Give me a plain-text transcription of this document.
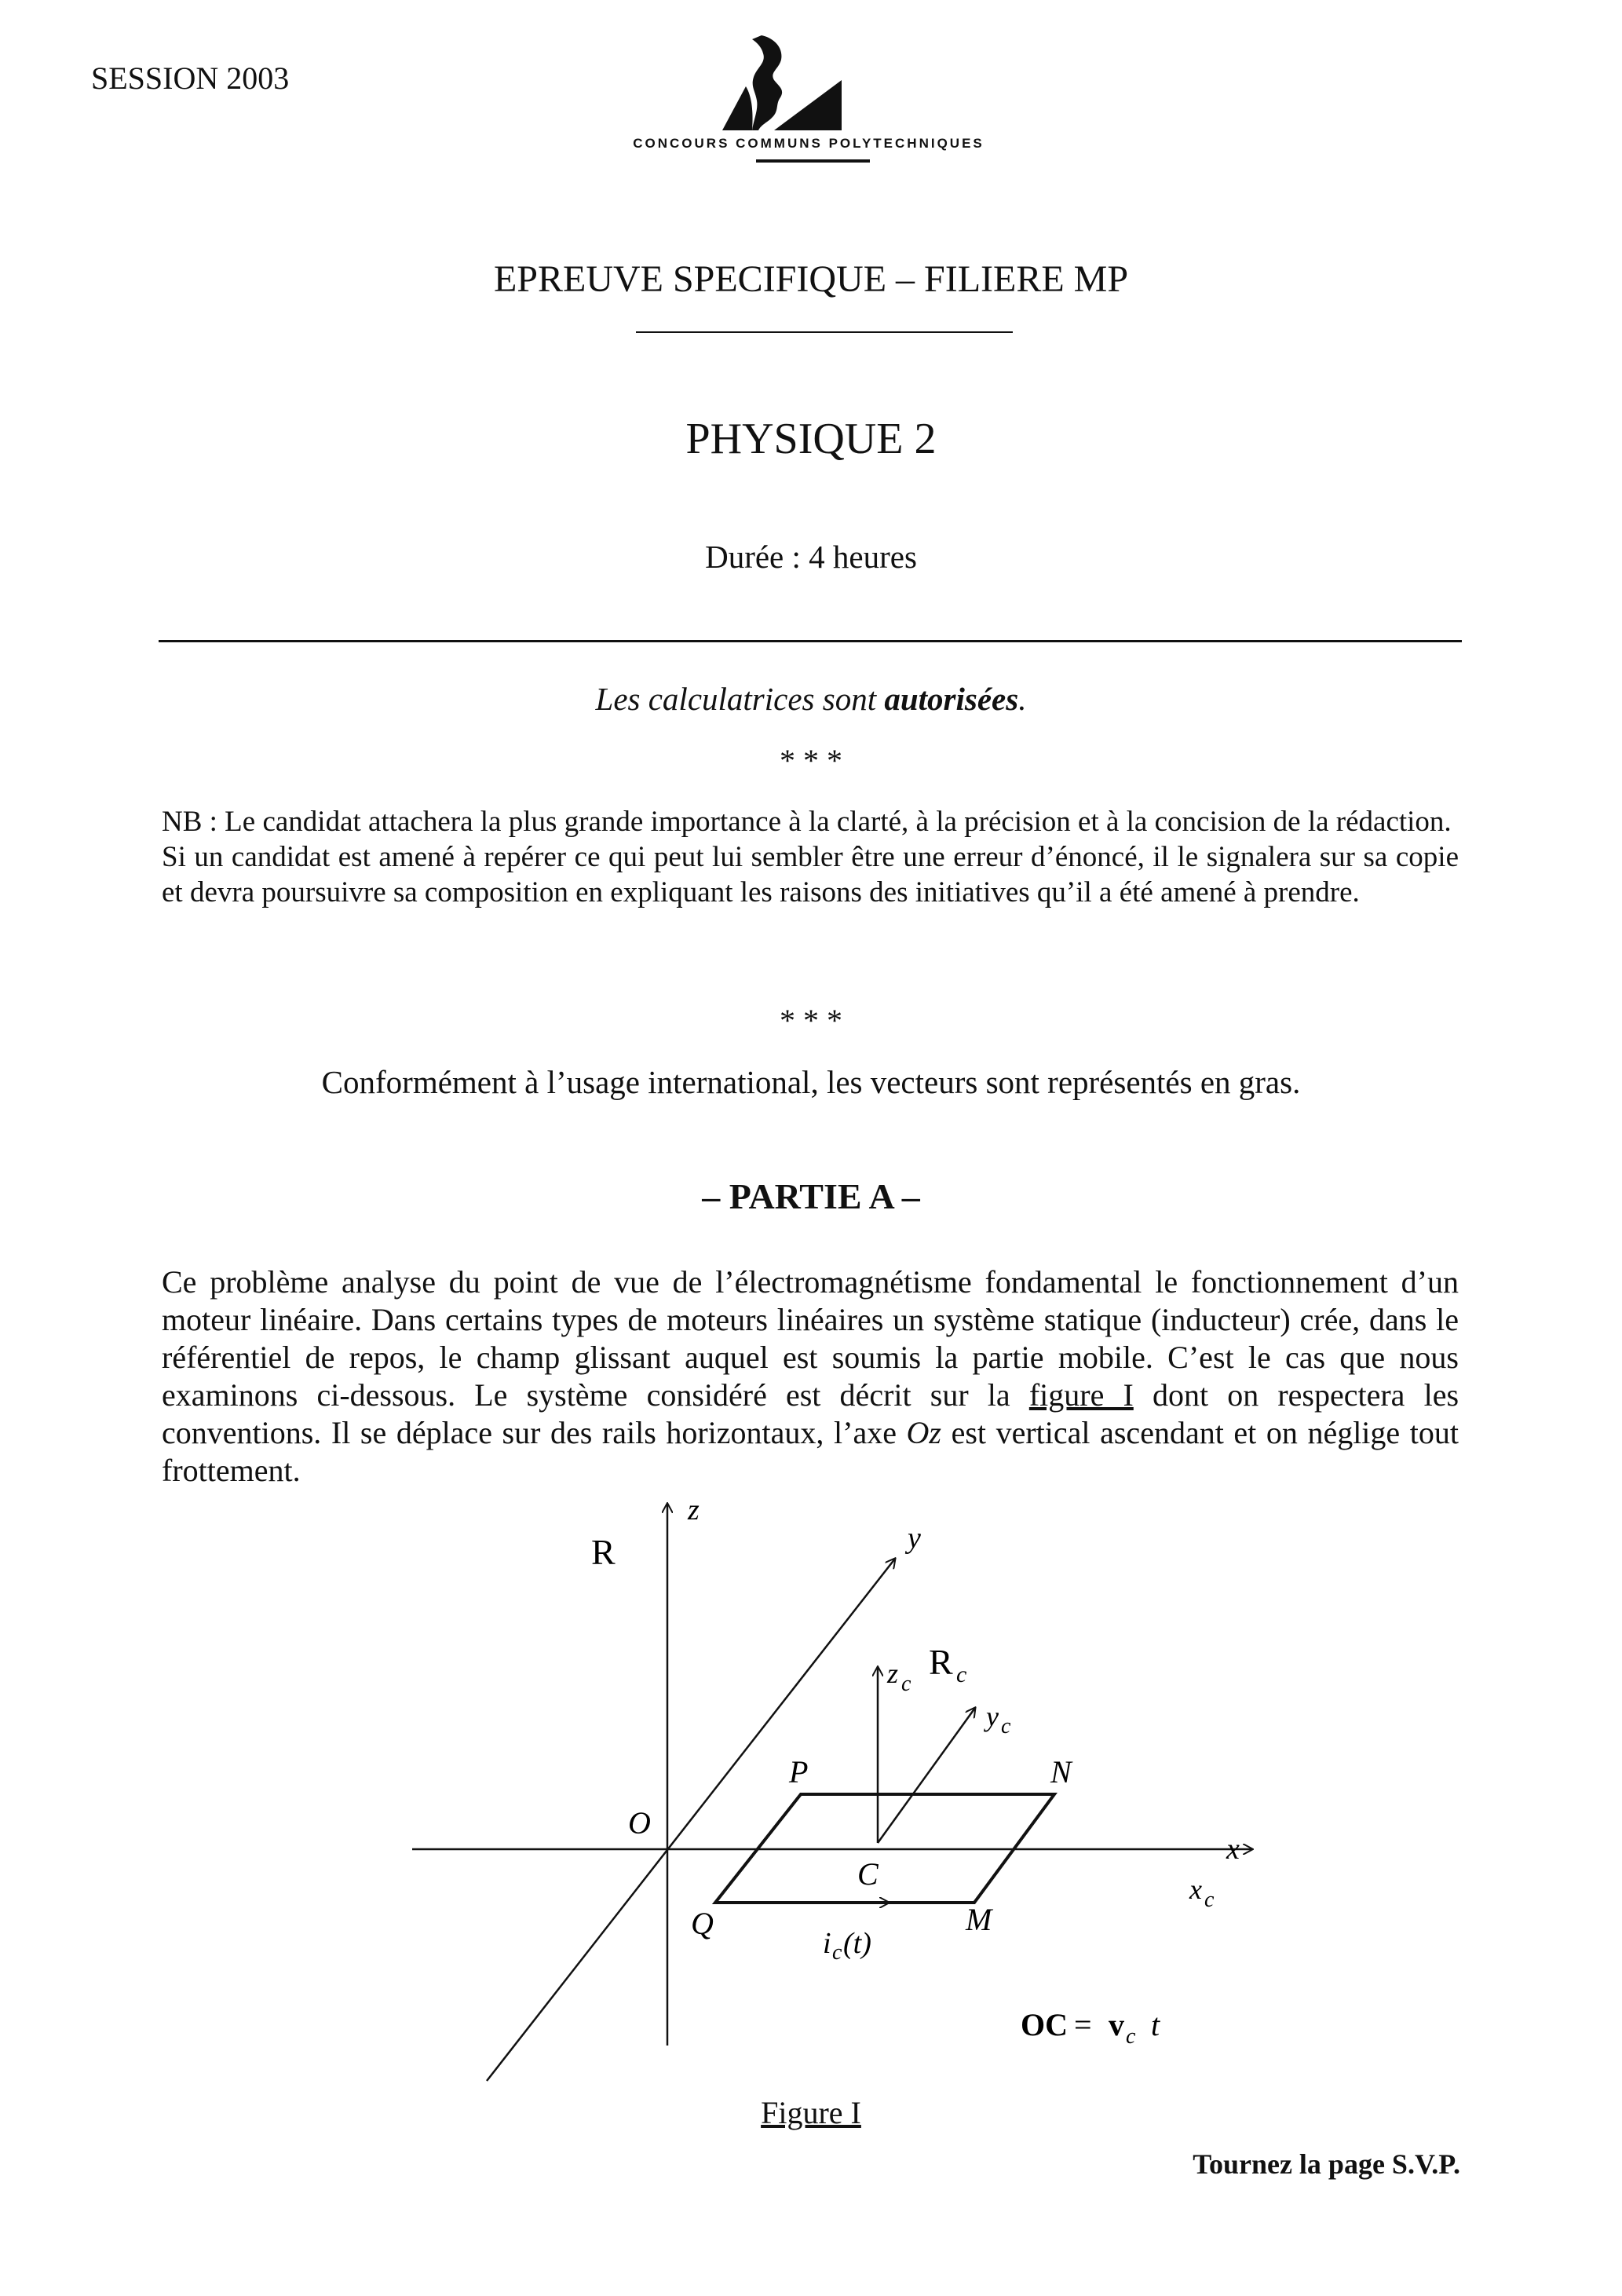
SESSION 2003
CONCOURS COMMUNS POLYTECHNIQUES
EPREUVE SPECIFIQUE – FILIERE MP
PHYSIQUE 2
Durée : 4 heures
Les calculatrices sont autorisées.
* * *

NB : Le candidat attachera la plus grande importance à la clarté, à la précision et à la concision de la rédaction.

Si un candidat est amené à repérer ce qui peut lui sembler être une erreur d’énoncé, il le signalera sur sa copie et devra poursuivre sa composition en expliquant les raisons des initiatives qu’il a été amené à prendre.

* * *
Conformément à l’usage international, les vecteurs sont représentés en gras.
– PARTIE A –

Ce problème analyse du point de vue de l’électromagnétisme fondamental le fonctionnement d’un moteur linéaire. Dans certains types de moteurs linéaires un système statique (inducteur) crée, dans le référentiel de repos, le champ glissant auquel est soumis la partie mobile. C’est le cas que nous examinons ci-dessous. Le système considéré est décrit sur la figure I dont on respectera les conventions. Il se déplace sur des rails horizontaux, l’axe Oz est vertical ascendant et on néglige tout frottement.

R
R c
z
y
x
z c
y c
x c
O
P	N
C
Q	M
i c (t)
OC = v c t
Figure I
Tournez la page S.V.P.
